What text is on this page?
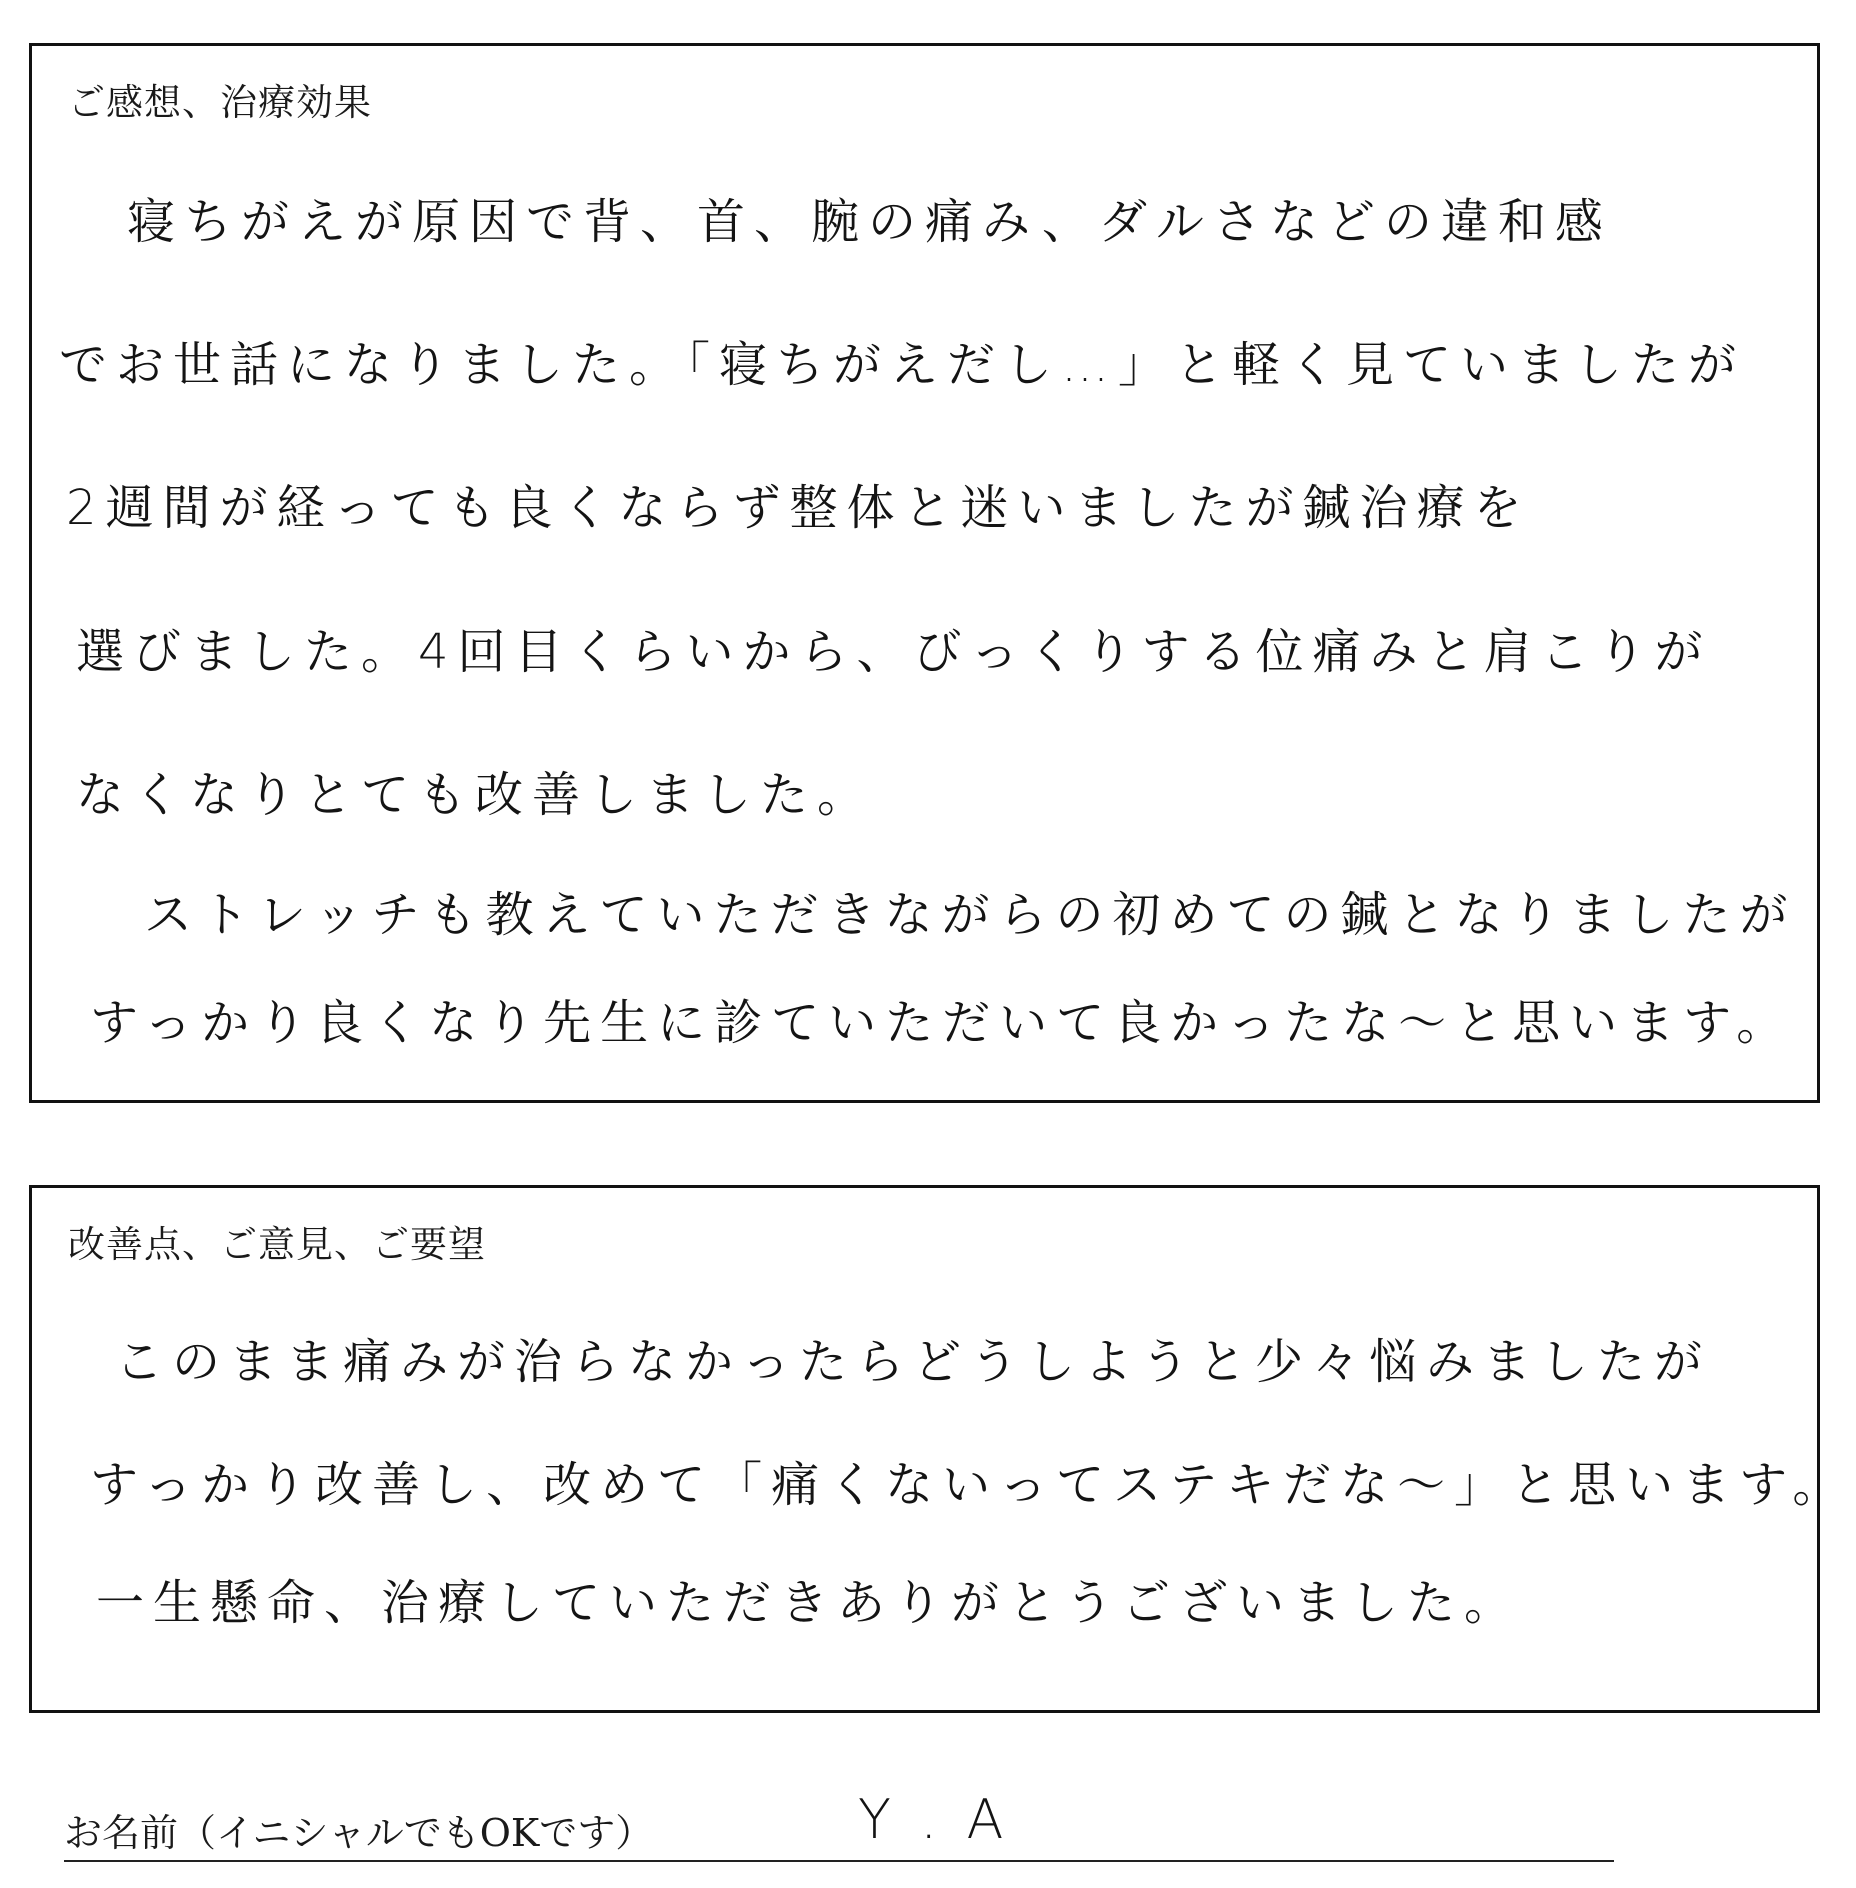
ご感想、治療効果
寝ちがえが原因で背、首、腕の痛み、ダルさなどの違和感
でお世話になりました。「寝ちがえだし…」と軽く見ていましたが
2週間が経っても良くならず整体と迷いましたが鍼治療を
選びました。4回目くらいから、びっくりする位痛みと肩こりが
なくなりとても改善しました。
ストレッチも教えていただきながらの初めての鍼となりましたが
すっかり良くなり先生に診ていただいて良かったな〜と思います。
改善点、ご意見、ご要望
このまま痛みが治らなかったらどうしようと少々悩みましたが
すっかり改善し、改めて「痛くないってステキだな〜」と思います。
一生懸命、治療していただきありがとうございました。
お名前（イニシャルでもOKです）	Y . A
